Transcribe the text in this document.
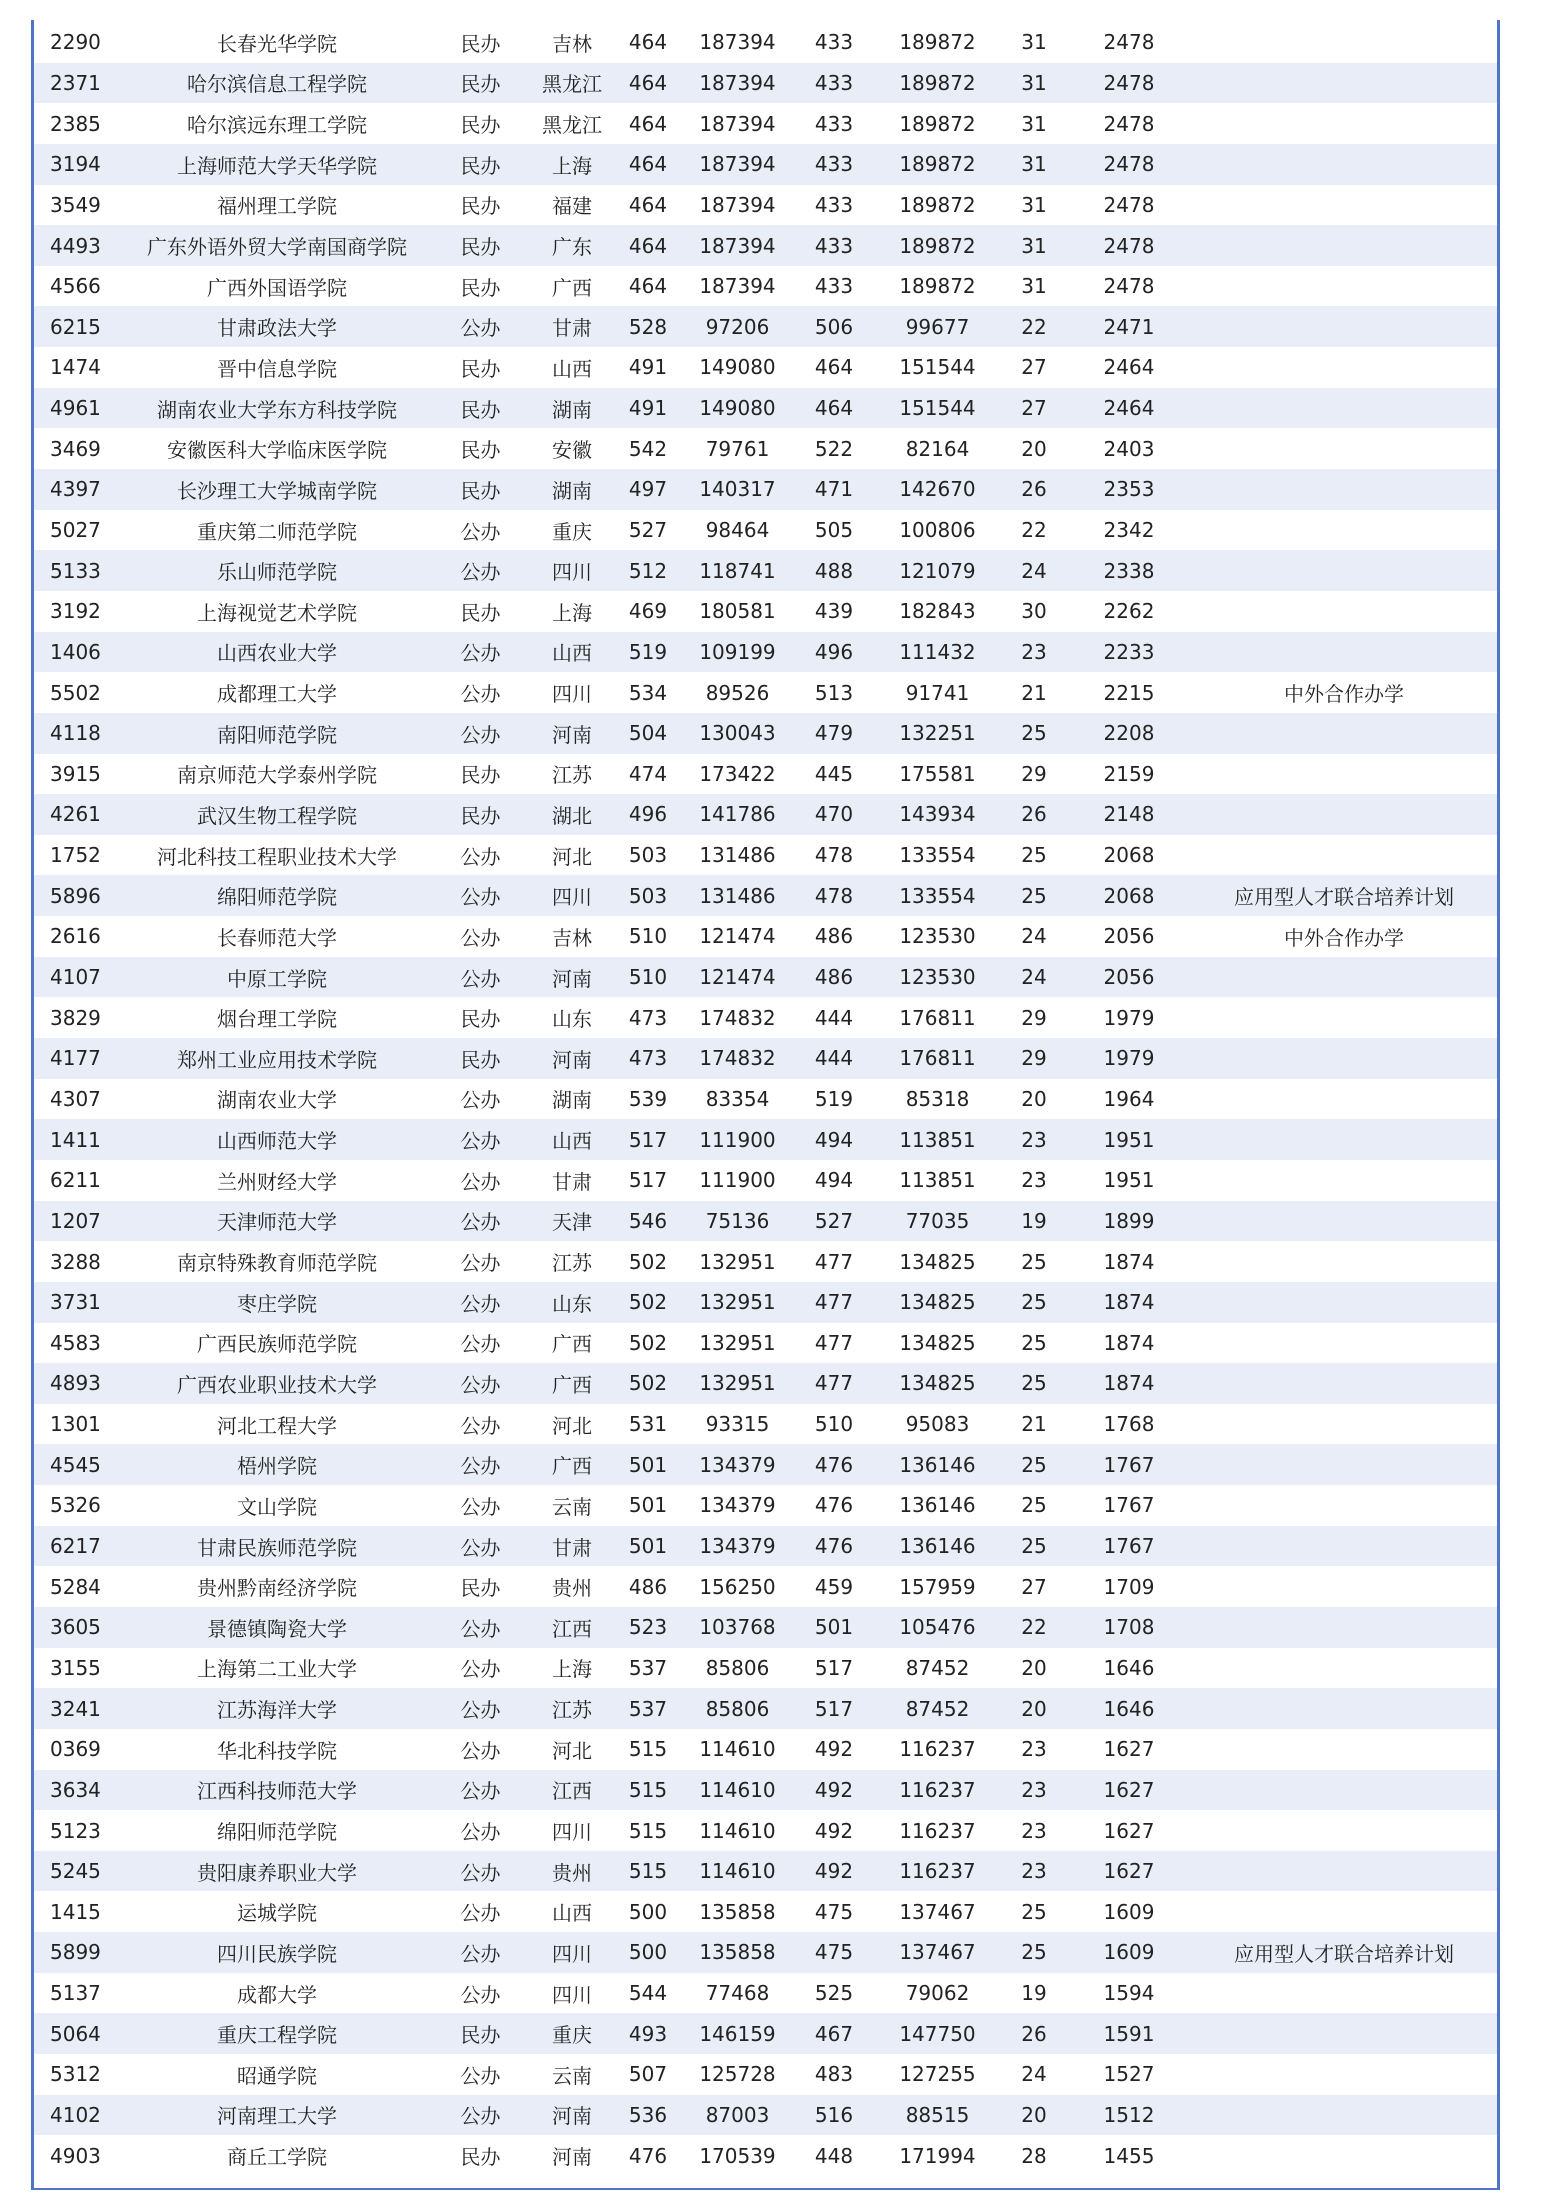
2290	长春光华学院	民办	吉林	464	187394	433	189872	31	2478	
2371	哈尔滨信息工程学院	民办	黑龙江	464	187394	433	189872	31	2478	
2385	哈尔滨远东理工学院	民办	黑龙江	464	187394	433	189872	31	2478	
3194	上海师范大学天华学院	民办	上海	464	187394	433	189872	31	2478	
3549	福州理工学院	民办	福建	464	187394	433	189872	31	2478	
4493	广东外语外贸大学南国商学院	民办	广东	464	187394	433	189872	31	2478	
4566	广西外国语学院	民办	广西	464	187394	433	189872	31	2478	
6215	甘肃政法大学	公办	甘肃	528	97206	506	99677	22	2471	
1474	晋中信息学院	民办	山西	491	149080	464	151544	27	2464	
4961	湖南农业大学东方科技学院	民办	湖南	491	149080	464	151544	27	2464	
3469	安徽医科大学临床医学院	民办	安徽	542	79761	522	82164	20	2403	
4397	长沙理工大学城南学院	民办	湖南	497	140317	471	142670	26	2353	
5027	重庆第二师范学院	公办	重庆	527	98464	505	100806	22	2342	
5133	乐山师范学院	公办	四川	512	118741	488	121079	24	2338	
3192	上海视觉艺术学院	民办	上海	469	180581	439	182843	30	2262	
1406	山西农业大学	公办	山西	519	109199	496	111432	23	2233	
5502	成都理工大学	公办	四川	534	89526	513	91741	21	2215	中外合作办学
4118	南阳师范学院	公办	河南	504	130043	479	132251	25	2208	
3915	南京师范大学泰州学院	民办	江苏	474	173422	445	175581	29	2159	
4261	武汉生物工程学院	民办	湖北	496	141786	470	143934	26	2148	
1752	河北科技工程职业技术大学	公办	河北	503	131486	478	133554	25	2068	
5896	绵阳师范学院	公办	四川	503	131486	478	133554	25	2068	应用型人才联合培养计划
2616	长春师范大学	公办	吉林	510	121474	486	123530	24	2056	中外合作办学
4107	中原工学院	公办	河南	510	121474	486	123530	24	2056	
3829	烟台理工学院	民办	山东	473	174832	444	176811	29	1979	
4177	郑州工业应用技术学院	民办	河南	473	174832	444	176811	29	1979	
4307	湖南农业大学	公办	湖南	539	83354	519	85318	20	1964	
1411	山西师范大学	公办	山西	517	111900	494	113851	23	1951	
6211	兰州财经大学	公办	甘肃	517	111900	494	113851	23	1951	
1207	天津师范大学	公办	天津	546	75136	527	77035	19	1899	
3288	南京特殊教育师范学院	公办	江苏	502	132951	477	134825	25	1874	
3731	枣庄学院	公办	山东	502	132951	477	134825	25	1874	
4583	广西民族师范学院	公办	广西	502	132951	477	134825	25	1874	
4893	广西农业职业技术大学	公办	广西	502	132951	477	134825	25	1874	
1301	河北工程大学	公办	河北	531	93315	510	95083	21	1768	
4545	梧州学院	公办	广西	501	134379	476	136146	25	1767	
5326	文山学院	公办	云南	501	134379	476	136146	25	1767	
6217	甘肃民族师范学院	公办	甘肃	501	134379	476	136146	25	1767	
5284	贵州黔南经济学院	民办	贵州	486	156250	459	157959	27	1709	
3605	景德镇陶瓷大学	公办	江西	523	103768	501	105476	22	1708	
3155	上海第二工业大学	公办	上海	537	85806	517	87452	20	1646	
3241	江苏海洋大学	公办	江苏	537	85806	517	87452	20	1646	
0369	华北科技学院	公办	河北	515	114610	492	116237	23	1627	
3634	江西科技师范大学	公办	江西	515	114610	492	116237	23	1627	
5123	绵阳师范学院	公办	四川	515	114610	492	116237	23	1627	
5245	贵阳康养职业大学	公办	贵州	515	114610	492	116237	23	1627	
1415	运城学院	公办	山西	500	135858	475	137467	25	1609	
5899	四川民族学院	公办	四川	500	135858	475	137467	25	1609	应用型人才联合培养计划
5137	成都大学	公办	四川	544	77468	525	79062	19	1594	
5064	重庆工程学院	民办	重庆	493	146159	467	147750	26	1591	
5312	昭通学院	公办	云南	507	125728	483	127255	24	1527	
4102	河南理工大学	公办	河南	536	87003	516	88515	20	1512	
4903	商丘工学院	民办	河南	476	170539	448	171994	28	1455	
